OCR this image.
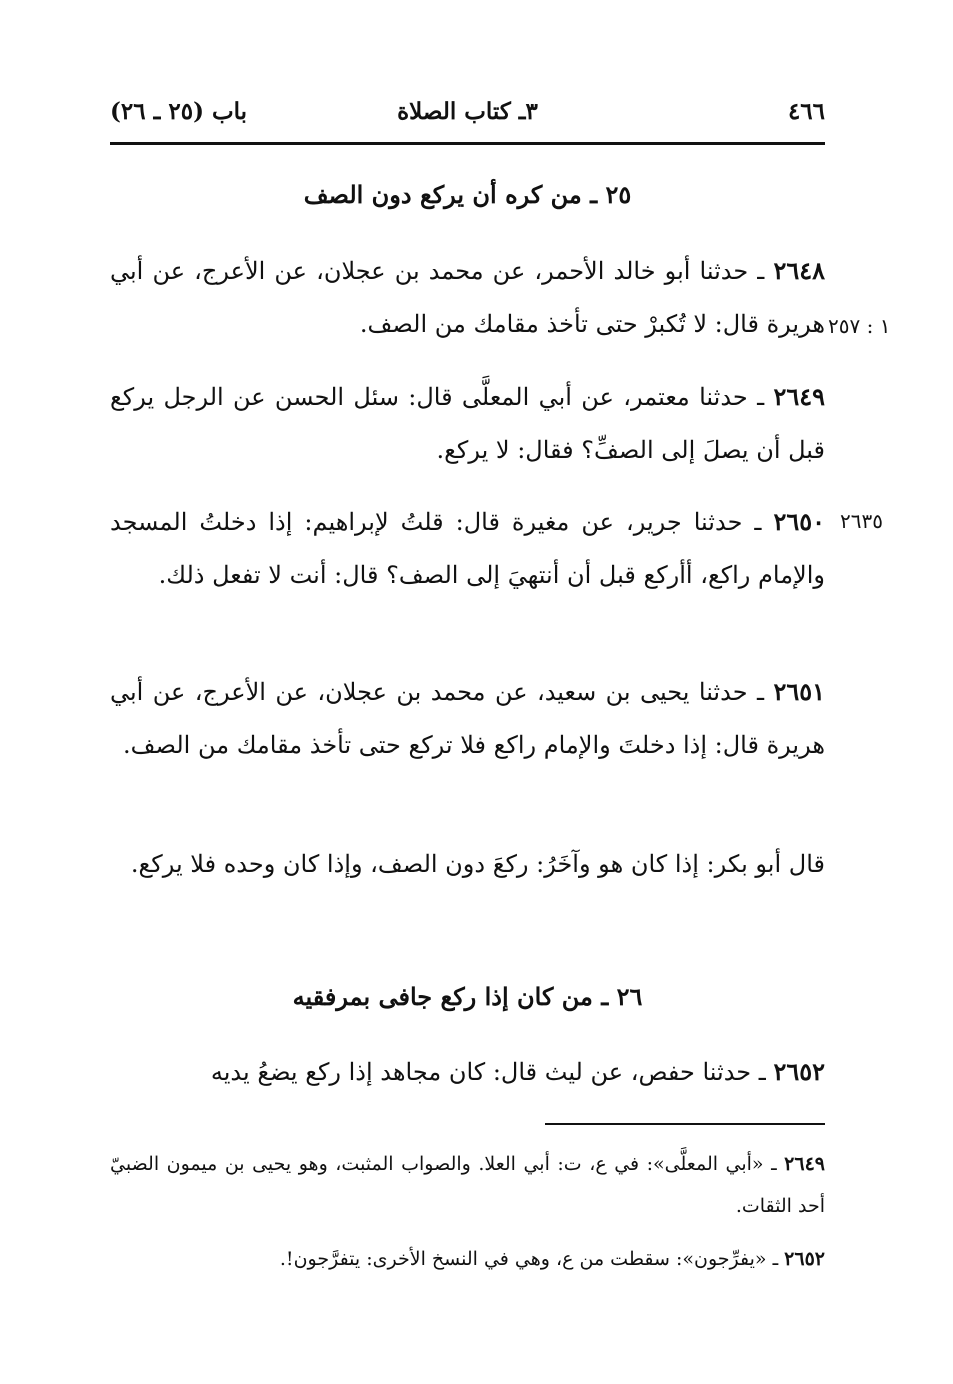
٤٦٦
٣ـ كتاب الصلاة
باب (٢٥ ـ ٢٦)
٢٥ ـ من كره أن يركع دون الصف
٢٦٤٨ ـ حدثنا أبو خالد الأحمر، عن محمد بن عجلان، عن الأعرج، عن أبي هريرة قال: لا تُكبرْ حتى تأخذ مقامك من الصف. ١ : ٢٥٧
٢٦٤٩ ـ حدثنا معتمر، عن أبي المعلَّى قال: سئل الحسن عن الرجل يركع قبل أن يصلَ إلى الصفِّ؟ فقال: لا يركع.
٢٦٥٠ ـ حدثنا جرير، عن مغيرة قال: قلتُ لإبراهيم: إذا دخلتُ المسجد والإمام راكع، أأركع قبل أن أنتهيَ إلى الصف؟ قال: أنت لا تفعل ذلك.
٢٦٣٥
٢٦٥١ ـ حدثنا يحيى بن سعيد، عن محمد بن عجلان، عن الأعرج، عن أبي هريرة قال: إذا دخلتَ والإمام راكع فلا تركع حتى تأخذ مقامك من الصف.
قال أبو بكر: إذا كان هو وآخَرُ: ركعَ دون الصف، وإذا كان وحده فلا يركع.
٢٦ ـ من كان إذا ركع جافى بمرفقيه
٢٦٥٢ ـ حدثنا حفص، عن ليث قال: كان مجاهد إذا ركع يضعُ يديه
٢٦٤٩ ـ «أبي المعلَّى»: في ع، ت: أبي العلا. والصواب المثبت، وهو يحيى بن ميمون الضبيّ أحد الثقات.
٢٦٥٢ ـ «يفرِّجون»: سقطت من ع، وهي في النسخ الأخرى: يتفرَّجون!.
